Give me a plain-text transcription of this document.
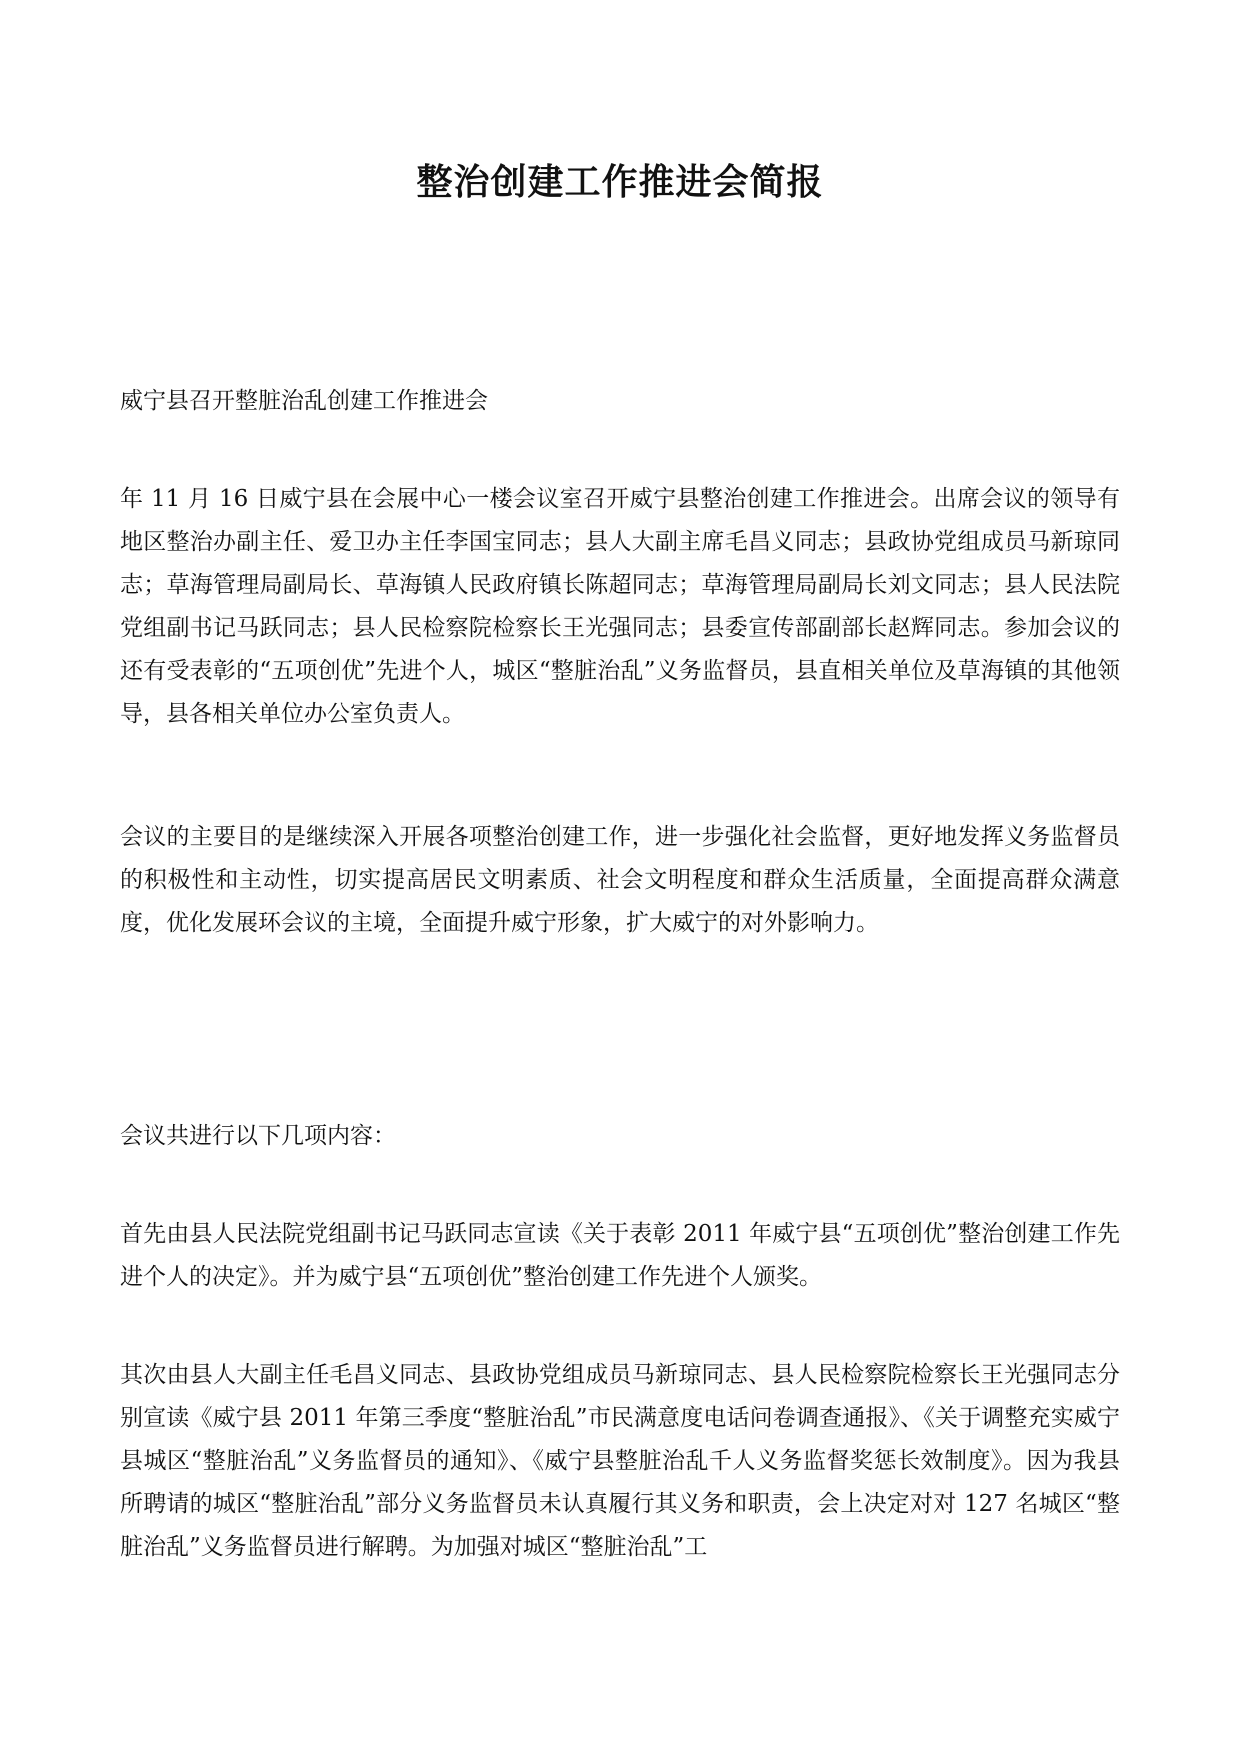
整治创建工作推进会简报

威宁县召开整脏治乱创建工作推进会

年 11 月 16 日威宁县在会展中心一楼会议室召开威宁县整治创建工作推进会。出席会议的领导有地区整治办副主任、爱卫办主任李国宝同志；县人大副主席毛昌义同志；县政协党组成员马新琼同志；草海管理局副局长、草海镇人民政府镇长陈超同志；草海管理局副局长刘文同志；县人民法院党组副书记马跃同志；县人民检察院检察长王光强同志；县委宣传部副部长赵辉同志。参加会议的还有受表彰的“五项创优”先进个人，城区“整脏治乱”义务监督员，县直相关单位及草海镇的其他领导，县各相关单位办公室负责人。

会议的主要目的是继续深入开展各项整治创建工作，进一步强化社会监督，更好地发挥义务监督员的积极性和主动性，切实提高居民文明素质、社会文明程度和群众生活质量，全面提高群众满意度，优化发展环会议的主境，全面提升威宁形象，扩大威宁的对外影响力。

会议共进行以下几项内容：

首先由县人民法院党组副书记马跃同志宣读《关于表彰 2011 年威宁县“五项创优”整治创建工作先进个人的决定》。并为威宁县“五项创优”整治创建工作先进个人颁奖。

其次由县人大副主任毛昌义同志、县政协党组成员马新琼同志、县人民检察院检察长王光强同志分别宣读《威宁县 2011 年第三季度“整脏治乱”市民满意度电话问卷调查通报》、《关于调整充实威宁县城区“整脏治乱”义务监督员的通知》、《威宁县整脏治乱千人义务监督奖惩长效制度》。因为我县所聘请的城区“整脏治乱”部分义务监督员未认真履行其义务和职责，会上决定对对 127 名城区“整脏治乱”义务监督员进行解聘。为加强对城区“整脏治乱”工
